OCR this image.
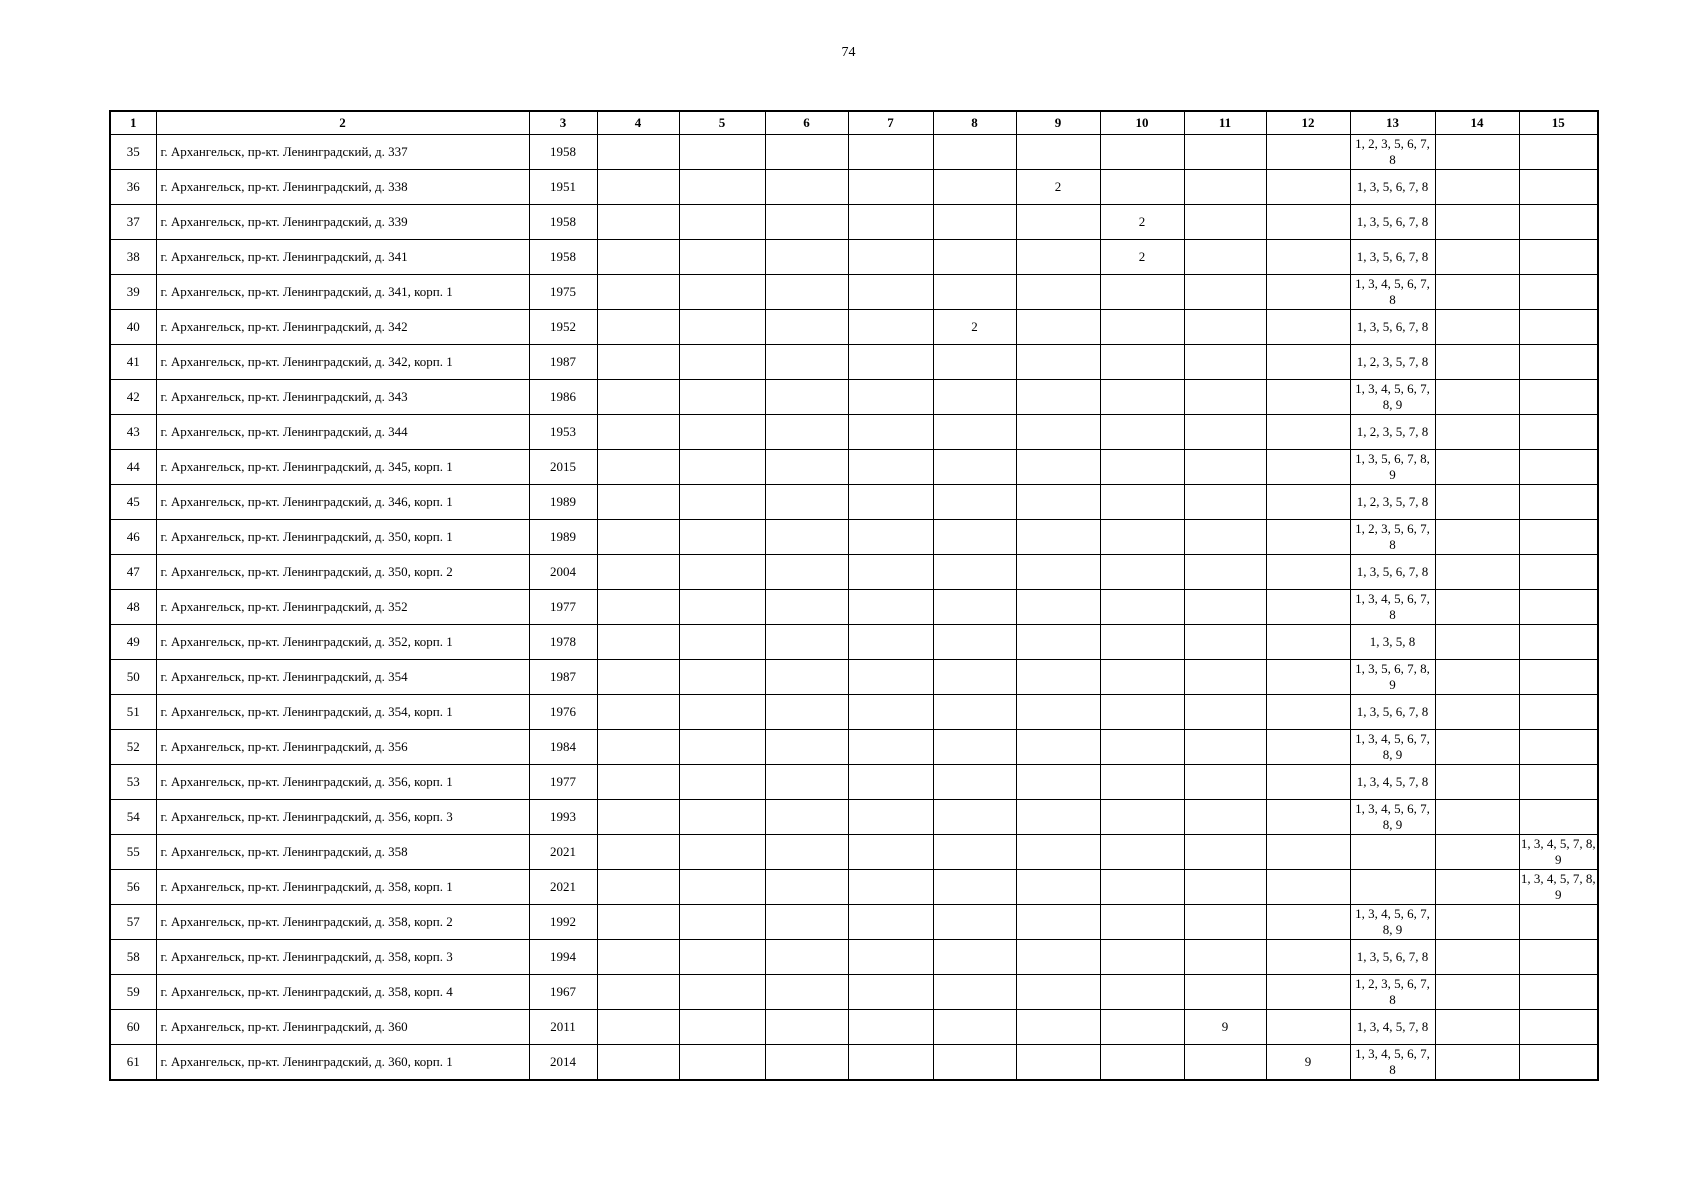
74
1	2	3	4	5	6	7	8	9	10	11	12	13	14	15
35	г. Архангельск, пр-кт. Ленинградский, д. 337	1958										1, 2, 3, 5, 6, 7, 8		
36	г. Архангельск, пр-кт. Ленинградский, д. 338	1951						2				1, 3, 5, 6, 7, 8		
37	г. Архангельск, пр-кт. Ленинградский, д. 339	1958							2			1, 3, 5, 6, 7, 8		
38	г. Архангельск, пр-кт. Ленинградский, д. 341	1958							2			1, 3, 5, 6, 7, 8		
39	г. Архангельск, пр-кт. Ленинградский, д. 341, корп. 1	1975										1, 3, 4, 5, 6, 7, 8		
40	г. Архангельск, пр-кт. Ленинградский, д. 342	1952					2					1, 3, 5, 6, 7, 8		
41	г. Архангельск, пр-кт. Ленинградский, д. 342, корп. 1	1987										1, 2, 3, 5, 7, 8		
42	г. Архангельск, пр-кт. Ленинградский, д. 343	1986										1, 3, 4, 5, 6, 7, 8, 9		
43	г. Архангельск, пр-кт. Ленинградский, д. 344	1953										1, 2, 3, 5, 7, 8		
44	г. Архангельск, пр-кт. Ленинградский, д. 345, корп. 1	2015										1, 3, 5, 6, 7, 8, 9		
45	г. Архангельск, пр-кт. Ленинградский, д. 346, корп. 1	1989										1, 2, 3, 5, 7, 8		
46	г. Архангельск, пр-кт. Ленинградский, д. 350, корп. 1	1989										1, 2, 3, 5, 6, 7, 8		
47	г. Архангельск, пр-кт. Ленинградский, д. 350, корп. 2	2004										1, 3, 5, 6, 7, 8		
48	г. Архангельск, пр-кт. Ленинградский, д. 352	1977										1, 3, 4, 5, 6, 7, 8		
49	г. Архангельск, пр-кт. Ленинградский, д. 352, корп. 1	1978										1, 3, 5, 8		
50	г. Архангельск, пр-кт. Ленинградский, д. 354	1987										1, 3, 5, 6, 7, 8, 9		
51	г. Архангельск, пр-кт. Ленинградский, д. 354, корп. 1	1976										1, 3, 5, 6, 7, 8		
52	г. Архангельск, пр-кт. Ленинградский, д. 356	1984										1, 3, 4, 5, 6, 7, 8, 9		
53	г. Архангельск, пр-кт. Ленинградский, д. 356, корп. 1	1977										1, 3, 4, 5, 7, 8		
54	г. Архангельск, пр-кт. Ленинградский, д. 356, корп. 3	1993										1, 3, 4, 5, 6, 7, 8, 9		
55	г. Архангельск, пр-кт. Ленинградский, д. 358	2021												1, 3, 4, 5, 7, 8, 9
56	г. Архангельск, пр-кт. Ленинградский, д. 358, корп. 1	2021												1, 3, 4, 5, 7, 8, 9
57	г. Архангельск, пр-кт. Ленинградский, д. 358, корп. 2	1992										1, 3, 4, 5, 6, 7, 8, 9		
58	г. Архангельск, пр-кт. Ленинградский, д. 358, корп. 3	1994										1, 3, 5, 6, 7, 8		
59	г. Архангельск, пр-кт. Ленинградский, д. 358, корп. 4	1967										1, 2, 3, 5, 6, 7, 8		
60	г. Архангельск, пр-кт. Ленинградский, д. 360	2011								9		1, 3, 4, 5, 7, 8		
61	г. Архангельск, пр-кт. Ленинградский, д. 360, корп. 1	2014									9	1, 3, 4, 5, 6, 7, 8		
